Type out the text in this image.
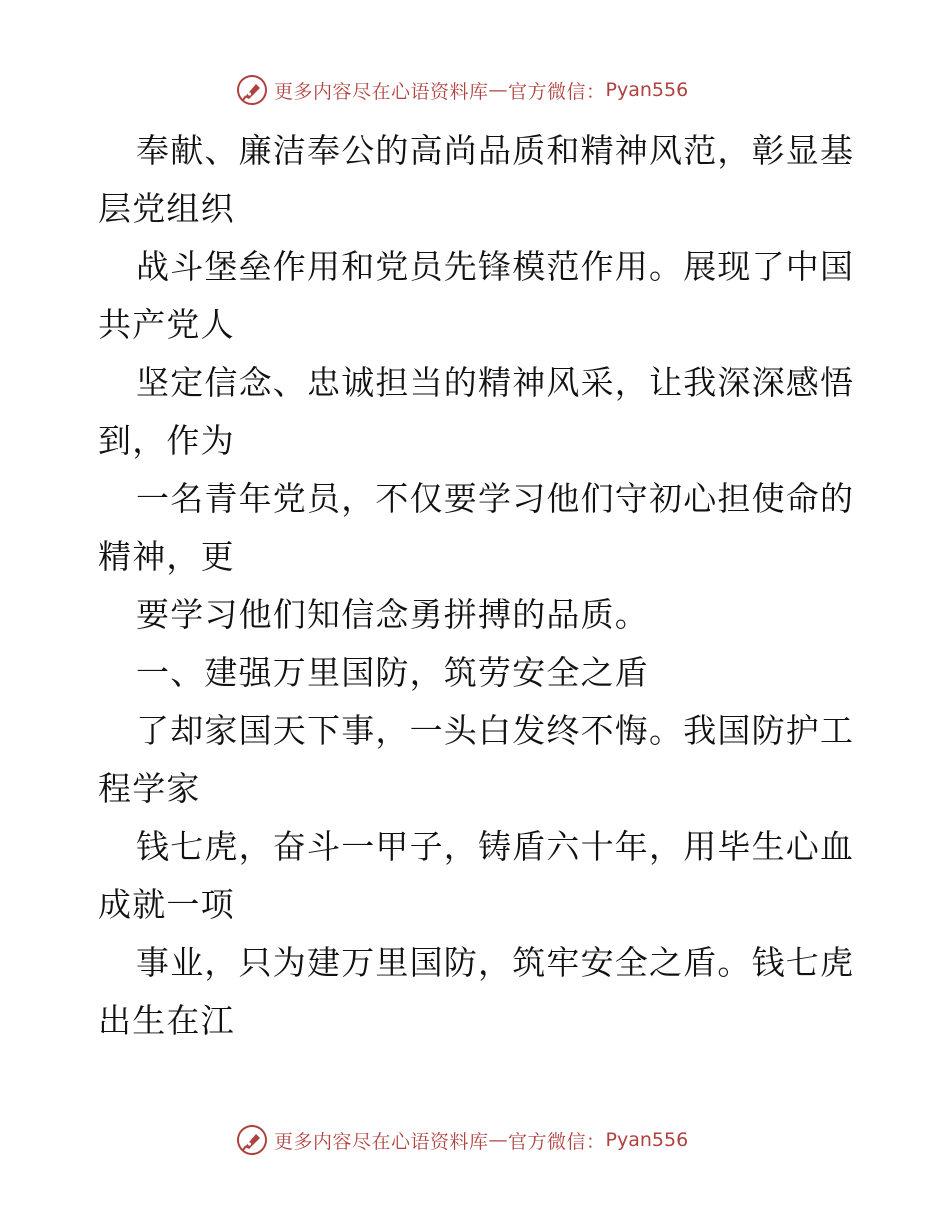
更多内容尽在心语资料库 — 官方微信： Pyan556
奉献、廉洁奉公的高尚品质和精神风范，彰显基
层党组织
战斗堡垒作用和党员先锋模范作用。展现了中国
共产党人
坚定信念、忠诚担当的精神风采，让我深深感悟
到，作为
一名青年党员，不仅要学习他们守初心担使命的
精神，更
要学习他们知信念勇拼搏的品质。
一、建强万里国防，筑劳安全之盾
了却家国天下事，一头白发终不悔。我国防护工
程学家
钱七虎，奋斗一甲子，铸盾六十年，用毕生心血
成就一项
事业，只为建万里国防，筑牢安全之盾。钱七虎
出生在江
更多内容尽在心语资料库 — 官方微信： Pyan556
